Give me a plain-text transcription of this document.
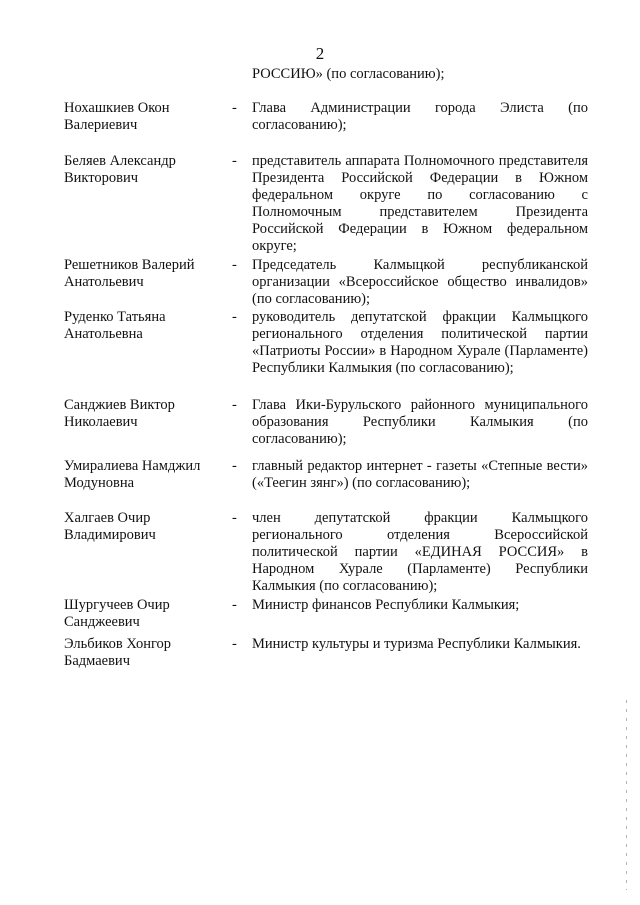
2
РОССИЮ» (по согласованию);
Нохашкиев Окон
Валериевич
- Глава Администрации города Элиста (по согласованию);
Беляев Александр
Викторович
- представитель аппарата Полномочного представителя Президента Российской Федерации в Южном федеральном округе по согласованию с Полномочным представителем Президента Российской Федерации в Южном федеральном округе;
Решетников Валерий
Анатольевич
- Председатель Калмыцкой республиканской организации «Всероссийское общество инвалидов» (по согласованию);
Руденко Татьяна
Анатольевна
- руководитель депутатской фракции Калмыцкого регионального отделения политической партии «Патриоты России» в Народном Хурале (Парламенте) Республики Калмыкия (по согласованию);
Санджиев Виктор
Николаевич
- Глава Ики-Бурульского районного муниципального образования Республики Калмыкия (по согласованию);
Умиралиева Намджил
Модуновна
- главный редактор интернет - газеты «Степные вести» («Теегин зянг») (по согласованию);
Халгаев Очир
Владимирович
- член депутатской фракции Калмыцкого регионального отделения Всероссийской политической партии «ЕДИНАЯ РОССИЯ» в Народном Хурале (Парламенте) Республики Калмыкия (по согласованию);
Шургучеев Очир
Санджеевич
- Министр финансов Республики Калмыкия;
Эльбиков Хонгор
Бадмаевич
- Министр культуры и туризма Республики Калмыкия.
